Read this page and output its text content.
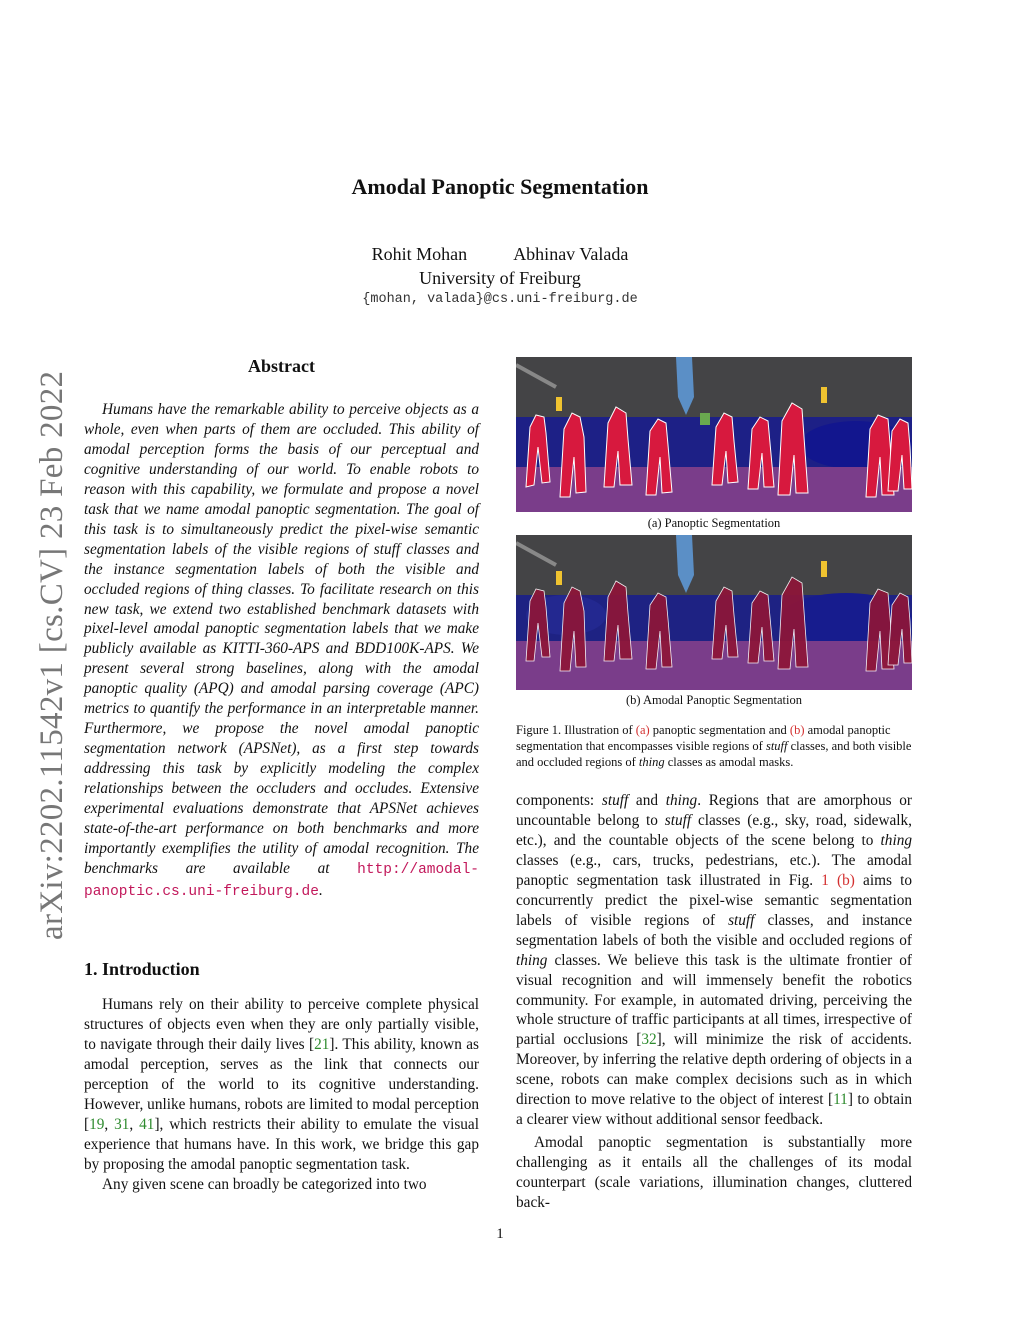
arXiv:2202.11542v1 [cs.CV] 23 Feb 2022
Amodal Panoptic Segmentation
Rohit Mohan	Abhinav Valada
University of Freiburg
{mohan, valada}@cs.uni-freiburg.de
Abstract
Humans have the remarkable ability to perceive objects as a whole, even when parts of them are occluded. This ability of amodal perception forms the basis of our perceptual and cognitive understanding of our world. To enable robots to reason with this capability, we formulate and propose a novel task that we name amodal panoptic segmentation. The goal of this task is to simultaneously predict the pixel-wise semantic segmentation labels of the visible regions of stuff classes and the instance segmentation labels of both the visible and occluded regions of thing classes. To facilitate research on this new task, we extend two established benchmark datasets with pixel-level amodal panoptic segmentation labels that we make publicly available as KITTI-360-APS and BDD100K-APS. We present several strong baselines, along with the amodal panoptic quality (APQ) and amodal parsing coverage (APC) metrics to quantify the performance in an interpretable manner. Furthermore, we propose the novel amodal panoptic segmentation network (APSNet), as a first step towards addressing this task by explicitly modeling the complex relationships between the occluders and occludes. Extensive experimental evaluations demonstrate that APSNet achieves state-of-the-art performance on both benchmarks and more importantly exemplifies the utility of amodal recognition. The benchmarks are available at http://amodal-panoptic.cs.uni-freiburg.de.
1. Introduction
Humans rely on their ability to perceive complete physical structures of objects even when they are only partially visible, to navigate through their daily lives [21]. This ability, known as amodal perception, serves as the link that connects our perception of the world to its cognitive understanding. However, unlike humans, robots are limited to modal perception [19, 31, 41], which restricts their ability to emulate the visual experience that humans have. In this work, we bridge this gap by proposing the amodal panoptic segmentation task.
Any given scene can broadly be categorized into two
(a) Panoptic Segmentation
(b) Amodal Panoptic Segmentation
Figure 1. Illustration of (a) panoptic segmentation and (b) amodal panoptic segmentation that encompasses visible regions of stuff classes, and both visible and occluded regions of thing classes as amodal masks.
components: stuff and thing. Regions that are amorphous or uncountable belong to stuff classes (e.g., sky, road, sidewalk, etc.), and the countable objects of the scene belong to thing classes (e.g., cars, trucks, pedestrians, etc.). The amodal panoptic segmentation task illustrated in Fig. 1 (b) aims to concurrently predict the pixel-wise semantic segmentation labels of visible regions of stuff classes, and instance segmentation labels of both the visible and occluded regions of thing classes. We believe this task is the ultimate frontier of visual recognition and will immensely benefit the robotics community. For example, in automated driving, perceiving the whole structure of traffic participants at all times, irrespective of partial occlusions [32], will minimize the risk of accidents. Moreover, by inferring the relative depth ordering of objects in a scene, robots can make complex decisions such as in which direction to move relative to the object of interest [11] to obtain a clearer view without additional sensor feedback.
Amodal panoptic segmentation is substantially more challenging as it entails all the challenges of its modal counterpart (scale variations, illumination changes, cluttered back-
1
